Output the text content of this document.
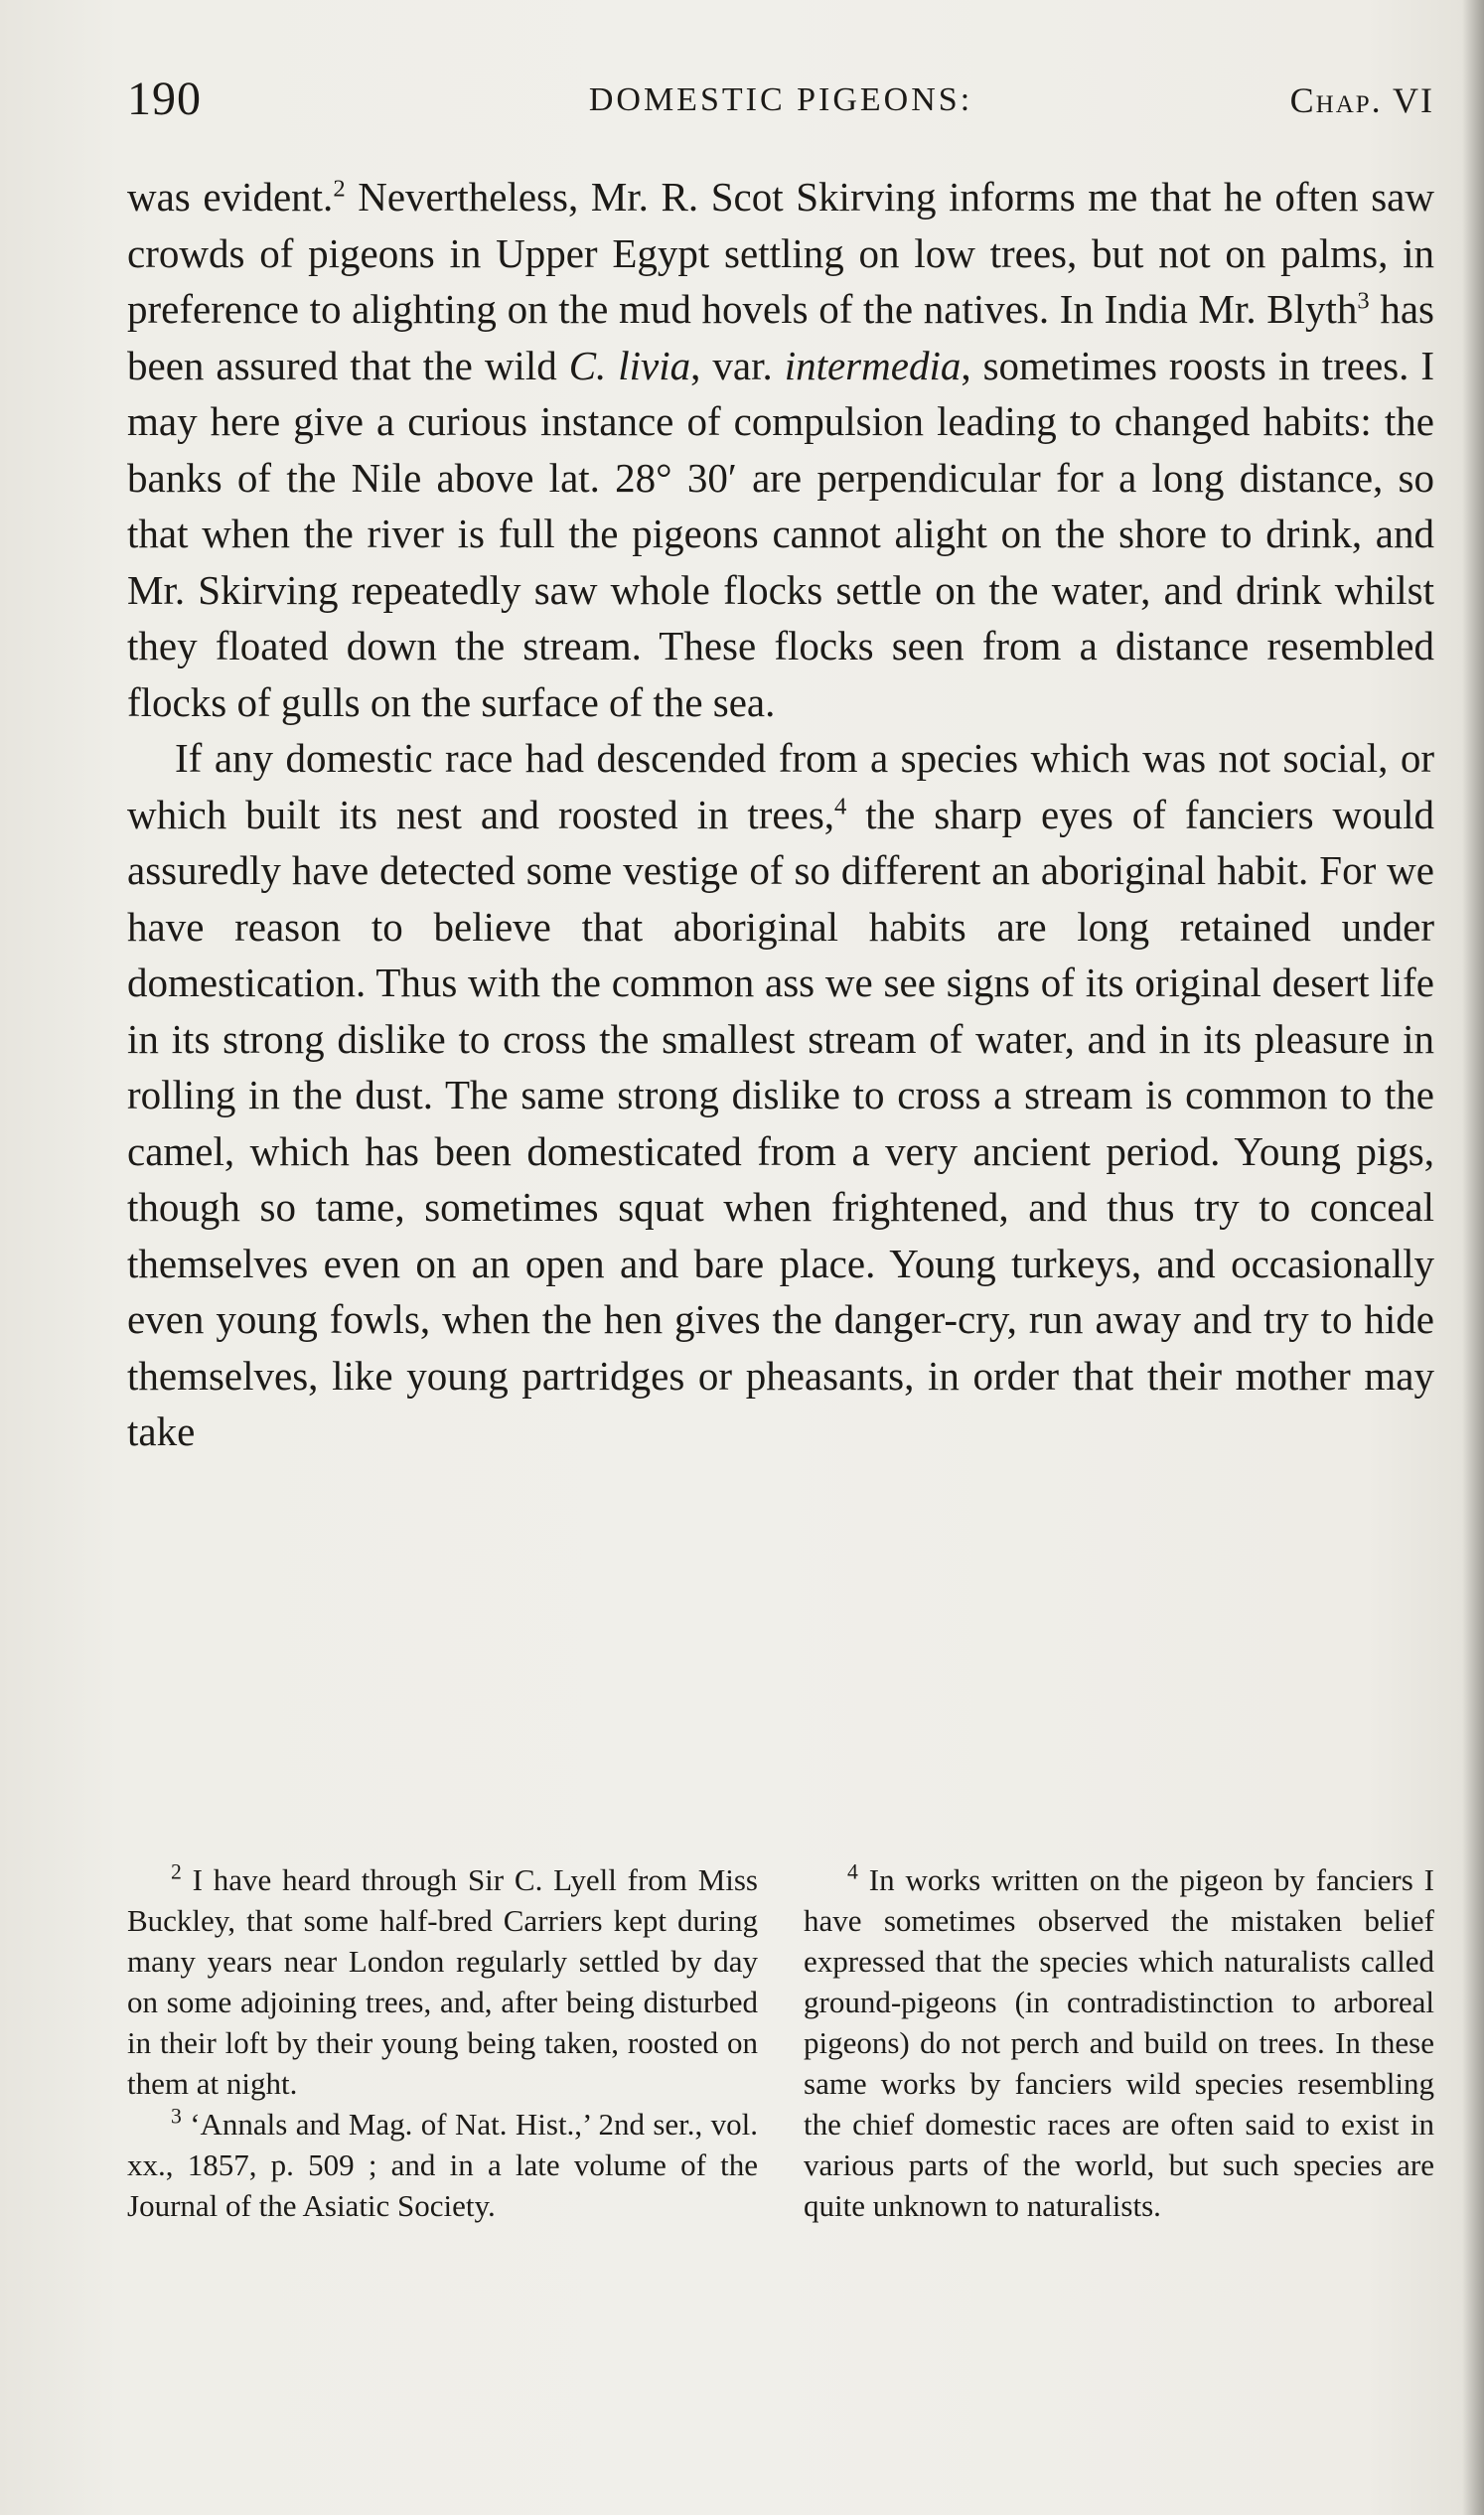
190	DOMESTIC PIGEONS:	Chap. VI

was evident.$^2$ Nevertheless, Mr. R. Scot Skirving informs me that he often saw crowds of pigeons in Upper Egypt settling on low trees, but not on palms, in preference to alighting on the mud hovels of the natives. In India Mr. Blyth$^3$ has been assured that the wild C. livia, var. intermedia, sometimes roosts in trees. I may here give a curious instance of compulsion leading to changed habits: the banks of the Nile above lat. 28° 30′ are perpendicular for a long distance, so that when the river is full the pigeons cannot alight on the shore to drink, and Mr. Skirving repeatedly saw whole flocks settle on the water, and drink whilst they floated down the stream. These flocks seen from a distance resembled flocks of gulls on the surface of the sea.

If any domestic race had descended from a species which was not social, or which built its nest and roosted in trees,$^4$ the sharp eyes of fanciers would assuredly have detected some vestige of so different an aboriginal habit. For we have reason to believe that aboriginal habits are long retained under domestication. Thus with the common ass we see signs of its original desert life in its strong dislike to cross the smallest stream of water, and in its pleasure in rolling in the dust. The same strong dislike to cross a stream is common to the camel, which has been domesticated from a very ancient period. Young pigs, though so tame, sometimes squat when frightened, and thus try to conceal themselves even on an open and bare place. Young turkeys, and occasionally even young fowls, when the hen gives the danger-cry, run away and try to hide themselves, like young partridges or pheasants, in order that their mother may take

$^2$ I have heard through Sir C. Lyell from Miss Buckley, that some half-bred Carriers kept during many years near London regularly settled by day on some adjoining trees, and, after being disturbed in their loft by their young being taken, roosted on them at night.

$^3$ ‘Annals and Mag. of Nat. Hist.,’ 2nd ser., vol. xx., 1857, p. 509 ; and in a late volume of the Journal of the Asiatic Society.

$^4$ In works written on the pigeon by fanciers I have sometimes observed the mistaken belief expressed that the species which naturalists called ground-pigeons (in contradistinction to arboreal pigeons) do not perch and build on trees. In these same works by fanciers wild species resembling the chief domestic races are often said to exist in various parts of the world, but such species are quite unknown to naturalists.
